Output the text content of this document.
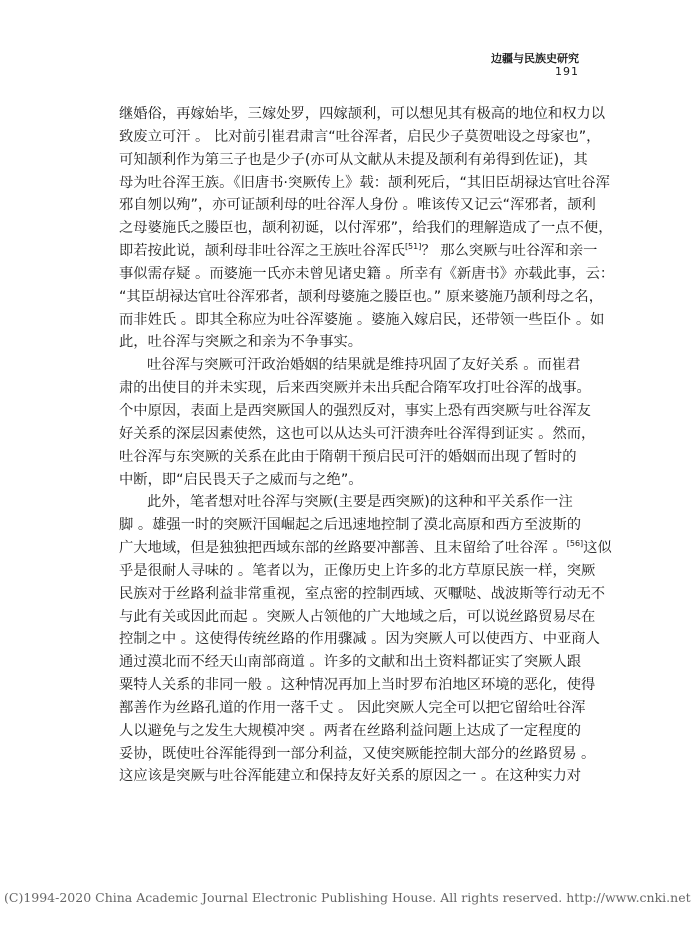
边疆与民族史研究
191
继婚俗，再嫁始毕，三嫁处罗，四嫁颉利，可以想见其有极高的地位和权力以
致废立可汗 。 比对前引崔君肃言“吐谷浑者，启民少子莫贺咄设之母家也”，
可知颉利作为第三子也是少子(亦可从文献从未提及颉利有弟得到佐证)，其
母为吐谷浑王族。《旧唐书·突厥传上》载：颉利死后，“其旧臣胡禄达官吐谷浑
邪自刎以殉”，亦可证颉利母的吐谷浑人身份 。唯该传又记云“浑邪者，颉利
之母婆施氏之媵臣也，颉利初诞，以付浑邪”，给我们的理解造成了一点不便，
即若按此说，颉利母非吐谷浑之王族吐谷浑氏[51]？ 那么突厥与吐谷浑和亲一
事似需存疑 。而婆施一氏亦未曾见诸史籍 。所幸有《新唐书》亦载此事，云：
“其臣胡禄达官吐谷浑邪者，颉利母婆施之媵臣也。” 原来婆施乃颉利母之名，
而非姓氏 。即其全称应为吐谷浑婆施 。婆施入嫁启民，还带领一些臣仆 。如
此，吐谷浑与突厥之和亲为不争事实。
吐谷浑与突厥可汗政治婚姻的结果就是维持巩固了友好关系 。而崔君
肃的出使目的并未实现，后来西突厥并未出兵配合隋军攻打吐谷浑的战事。
个中原因，表面上是西突厥国人的强烈反对，事实上恐有西突厥与吐谷浑友
好关系的深层因素使然，这也可以从达头可汗溃奔吐谷浑得到证实 。然而，
吐谷浑与东突厥的关系在此由于隋朝干预启民可汗的婚姻而出现了暂时的
中断，即“启民畏天子之威而与之绝”。
此外，笔者想对吐谷浑与突厥(主要是西突厥)的这种和平关系作一注
脚 。雄强一时的突厥汗国崛起之后迅速地控制了漠北高原和西方至波斯的
广大地域，但是独独把西域东部的丝路要冲鄯善、且末留给了吐谷浑 。[56]这似
乎是很耐人寻味的 。笔者以为，正像历史上许多的北方草原民族一样，突厥
民族对于丝路利益非常重视，室点密的控制西域、灭嚈哒、战波斯等行动无不
与此有关或因此而起 。突厥人占领他的广大地域之后，可以说丝路贸易尽在
控制之中 。这使得传统丝路的作用骤减 。因为突厥人可以使西方、中亚商人
通过漠北而不经天山南部商道 。许多的文献和出土资料都证实了突厥人跟
粟特人关系的非同一般 。这种情况再加上当时罗布泊地区环境的恶化，使得
鄯善作为丝路孔道的作用一落千丈 。 因此突厥人完全可以把它留给吐谷浑
人以避免与之发生大规模冲突 。两者在丝路利益问题上达成了一定程度的
妥协，既使吐谷浑能得到一部分利益，又使突厥能控制大部分的丝路贸易 。
这应该是突厥与吐谷浑能建立和保持友好关系的原因之一 。在这种实力对
(C)1994-2020 China Academic Journal Electronic Publishing House. All rights reserved. http://www.cnki.net
